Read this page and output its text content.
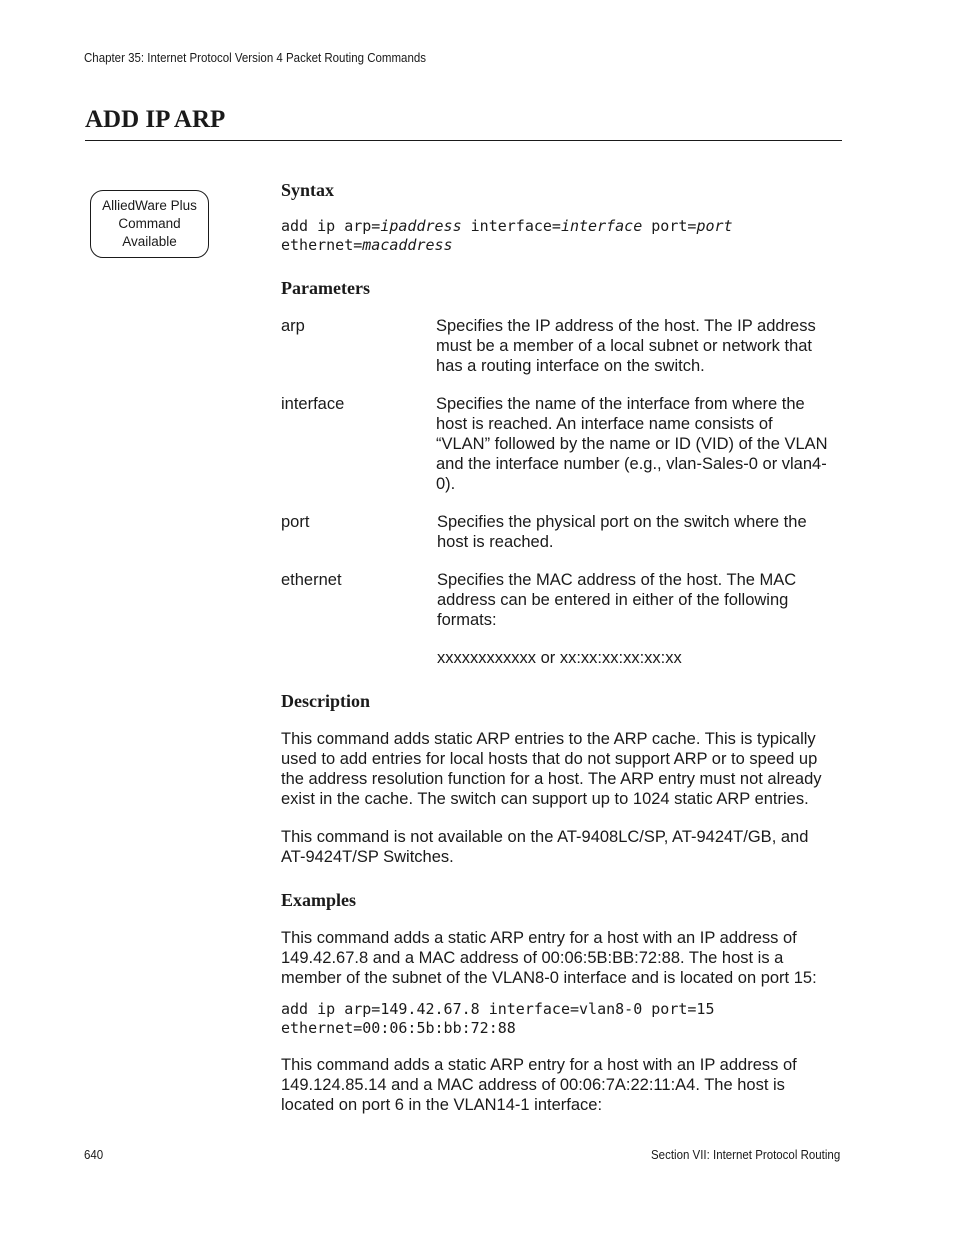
Chapter 35: Internet Protocol Version 4 Packet Routing Commands
ADD IP ARP
AlliedWare Plus
Command
Available
Syntax
add ip arp=ipaddress interface=interface port=port
ethernet=macaddress
Parameters
arp	Specifies the IP address of the host. The IP address
must be a member of a local subnet or network that
has a routing interface on the switch.
interface	Specifies the name of the interface from where the
host is reached. An interface name consists of
“VLAN” followed by the name or ID (VID) of the VLAN
and the interface number (e.g., vlan-Sales-0 or vlan4-
0).
port	Specifies the physical port on the switch where the
host is reached.
ethernet	Specifies the MAC address of the host. The MAC
address can be entered in either of the following
formats:
xxxxxxxxxxxx or xx:xx:xx:xx:xx:xx
Description
This command adds static ARP entries to the ARP cache. This is typically
used to add entries for local hosts that do not support ARP or to speed up
the address resolution function for a host. The ARP entry must not already
exist in the cache. The switch can support up to 1024 static ARP entries.
This command is not available on the AT-9408LC/SP, AT-9424T/GB, and
AT-9424T/SP Switches.
Examples
This command adds a static ARP entry for a host with an IP address of
149.42.67.8 and a MAC address of 00:06:5B:BB:72:88. The host is a
member of the subnet of the VLAN8-0 interface and is located on port 15:
add ip arp=149.42.67.8 interface=vlan8-0 port=15
ethernet=00:06:5b:bb:72:88
This command adds a static ARP entry for a host with an IP address of
149.124.85.14 and a MAC address of 00:06:7A:22:11:A4. The host is
located on port 6 in the VLAN14-1 interface:
640	Section VII: Internet Protocol Routing
